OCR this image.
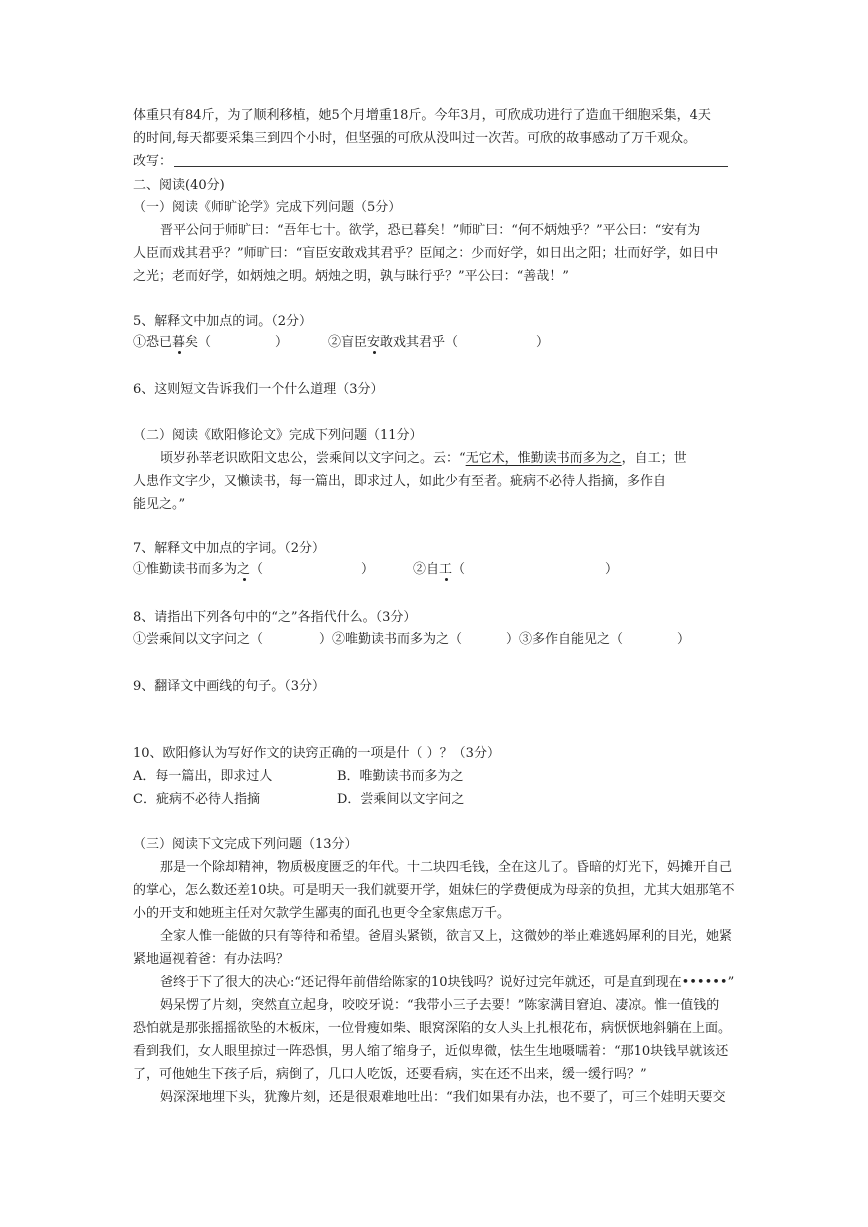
体重只有84斤，为了顺利移植，她5个月增重18斤。今年3月，可欣成功进行了造血干细胞采集，4天
的时间,每天都要采集三到四个小时，但坚强的可欣从没叫过一次苦。可欣的故事感动了万千观众。
改写：
二、阅读(40分)
（一）阅读《师旷论学》完成下列问题（5分）
晋平公问于师旷曰：“吾年七十。欲学，恐已暮矣！”师旷曰：“何不炳烛乎？”平公曰：“安有为
人臣而戏其君乎？”师旷曰：“盲臣安敢戏其君乎？臣闻之：少而好学，如日出之阳；壮而好学，如日中
之光；老而好学，如炳烛之明。炳烛之明，孰与昧行乎？”平公曰：“善哉！”
5、解释文中加点的词。（2分）
①恐已暮矣（	）	②盲臣安敢戏其君乎（	）
6、这则短文告诉我们一个什么道理（3分）
（二）阅读《欧阳修论文》完成下列问题（11分）
顷岁孙莘老识欧阳文忠公，尝乘间以文字问之。云：“无它术，惟勤读书而多为之，自工；世
人患作文字少，又懒读书，每一篇出，即求过人，如此少有至者。疵病不必待人指摘，多作自
能见之。”
7、解释文中加点的字词。（2分）
①惟勤读书而多为之（	）	②自工（	）
8、请指出下列各句中的“之”各指代什么。（3分）
①尝乘间以文字问之（	）②唯勤读书而多为之（	）③多作自能见之（	）
9、翻译文中画线的句子。（3分）
10、欧阳修认为写好作文的诀窍正确的一项是什（ ）？（3分）
A．每一篇出，即求过人	B．唯勤读书而多为之
C．疵病不必待人指摘	D．尝乘间以文字问之
（三）阅读下文完成下列问题（13分）
那是一个除却精神，物质极度匮乏的年代。十二块四毛钱，全在这儿了。昏暗的灯光下，妈摊开自己
的掌心，怎么数还差10块。可是明天一我们就要开学，姐妹仨的学费便成为母亲的负担，尤其大姐那笔不
小的开支和她班主任对欠款学生鄙夷的面孔也更令全家焦虑万千。
全家人惟一能做的只有等待和希望。爸眉头紧锁，欲言又上，这微妙的举止难逃妈犀利的目光，她紧
紧地逼视着爸：有办法吗？
爸终于下了很大的决心:“还记得年前借给陈家的10块钱吗？说好过完年就还，可是直到现在••••••”
妈呆愣了片刻，突然直立起身，咬咬牙说：“我带小三子去要！”陈家满目窘迫、凄凉。惟一值钱的
恐怕就是那张摇摇欲坠的木板床，一位骨瘦如柴、眼窝深陷的女人头上扎根花布，病恹恹地斜躺在上面。
看到我们，女人眼里掠过一阵恐惧，男人缩了缩身子，近似卑微，怯生生地嗫嚅着：“那10块钱早就该还
了，可他她生下孩子后，病倒了，几口人吃饭，还要看病，实在还不出来，缓一缓行吗？”
妈深深地埋下头，犹豫片刻，还是很艰难地吐出：“我们如果有办法，也不要了，可三个娃明天要交
